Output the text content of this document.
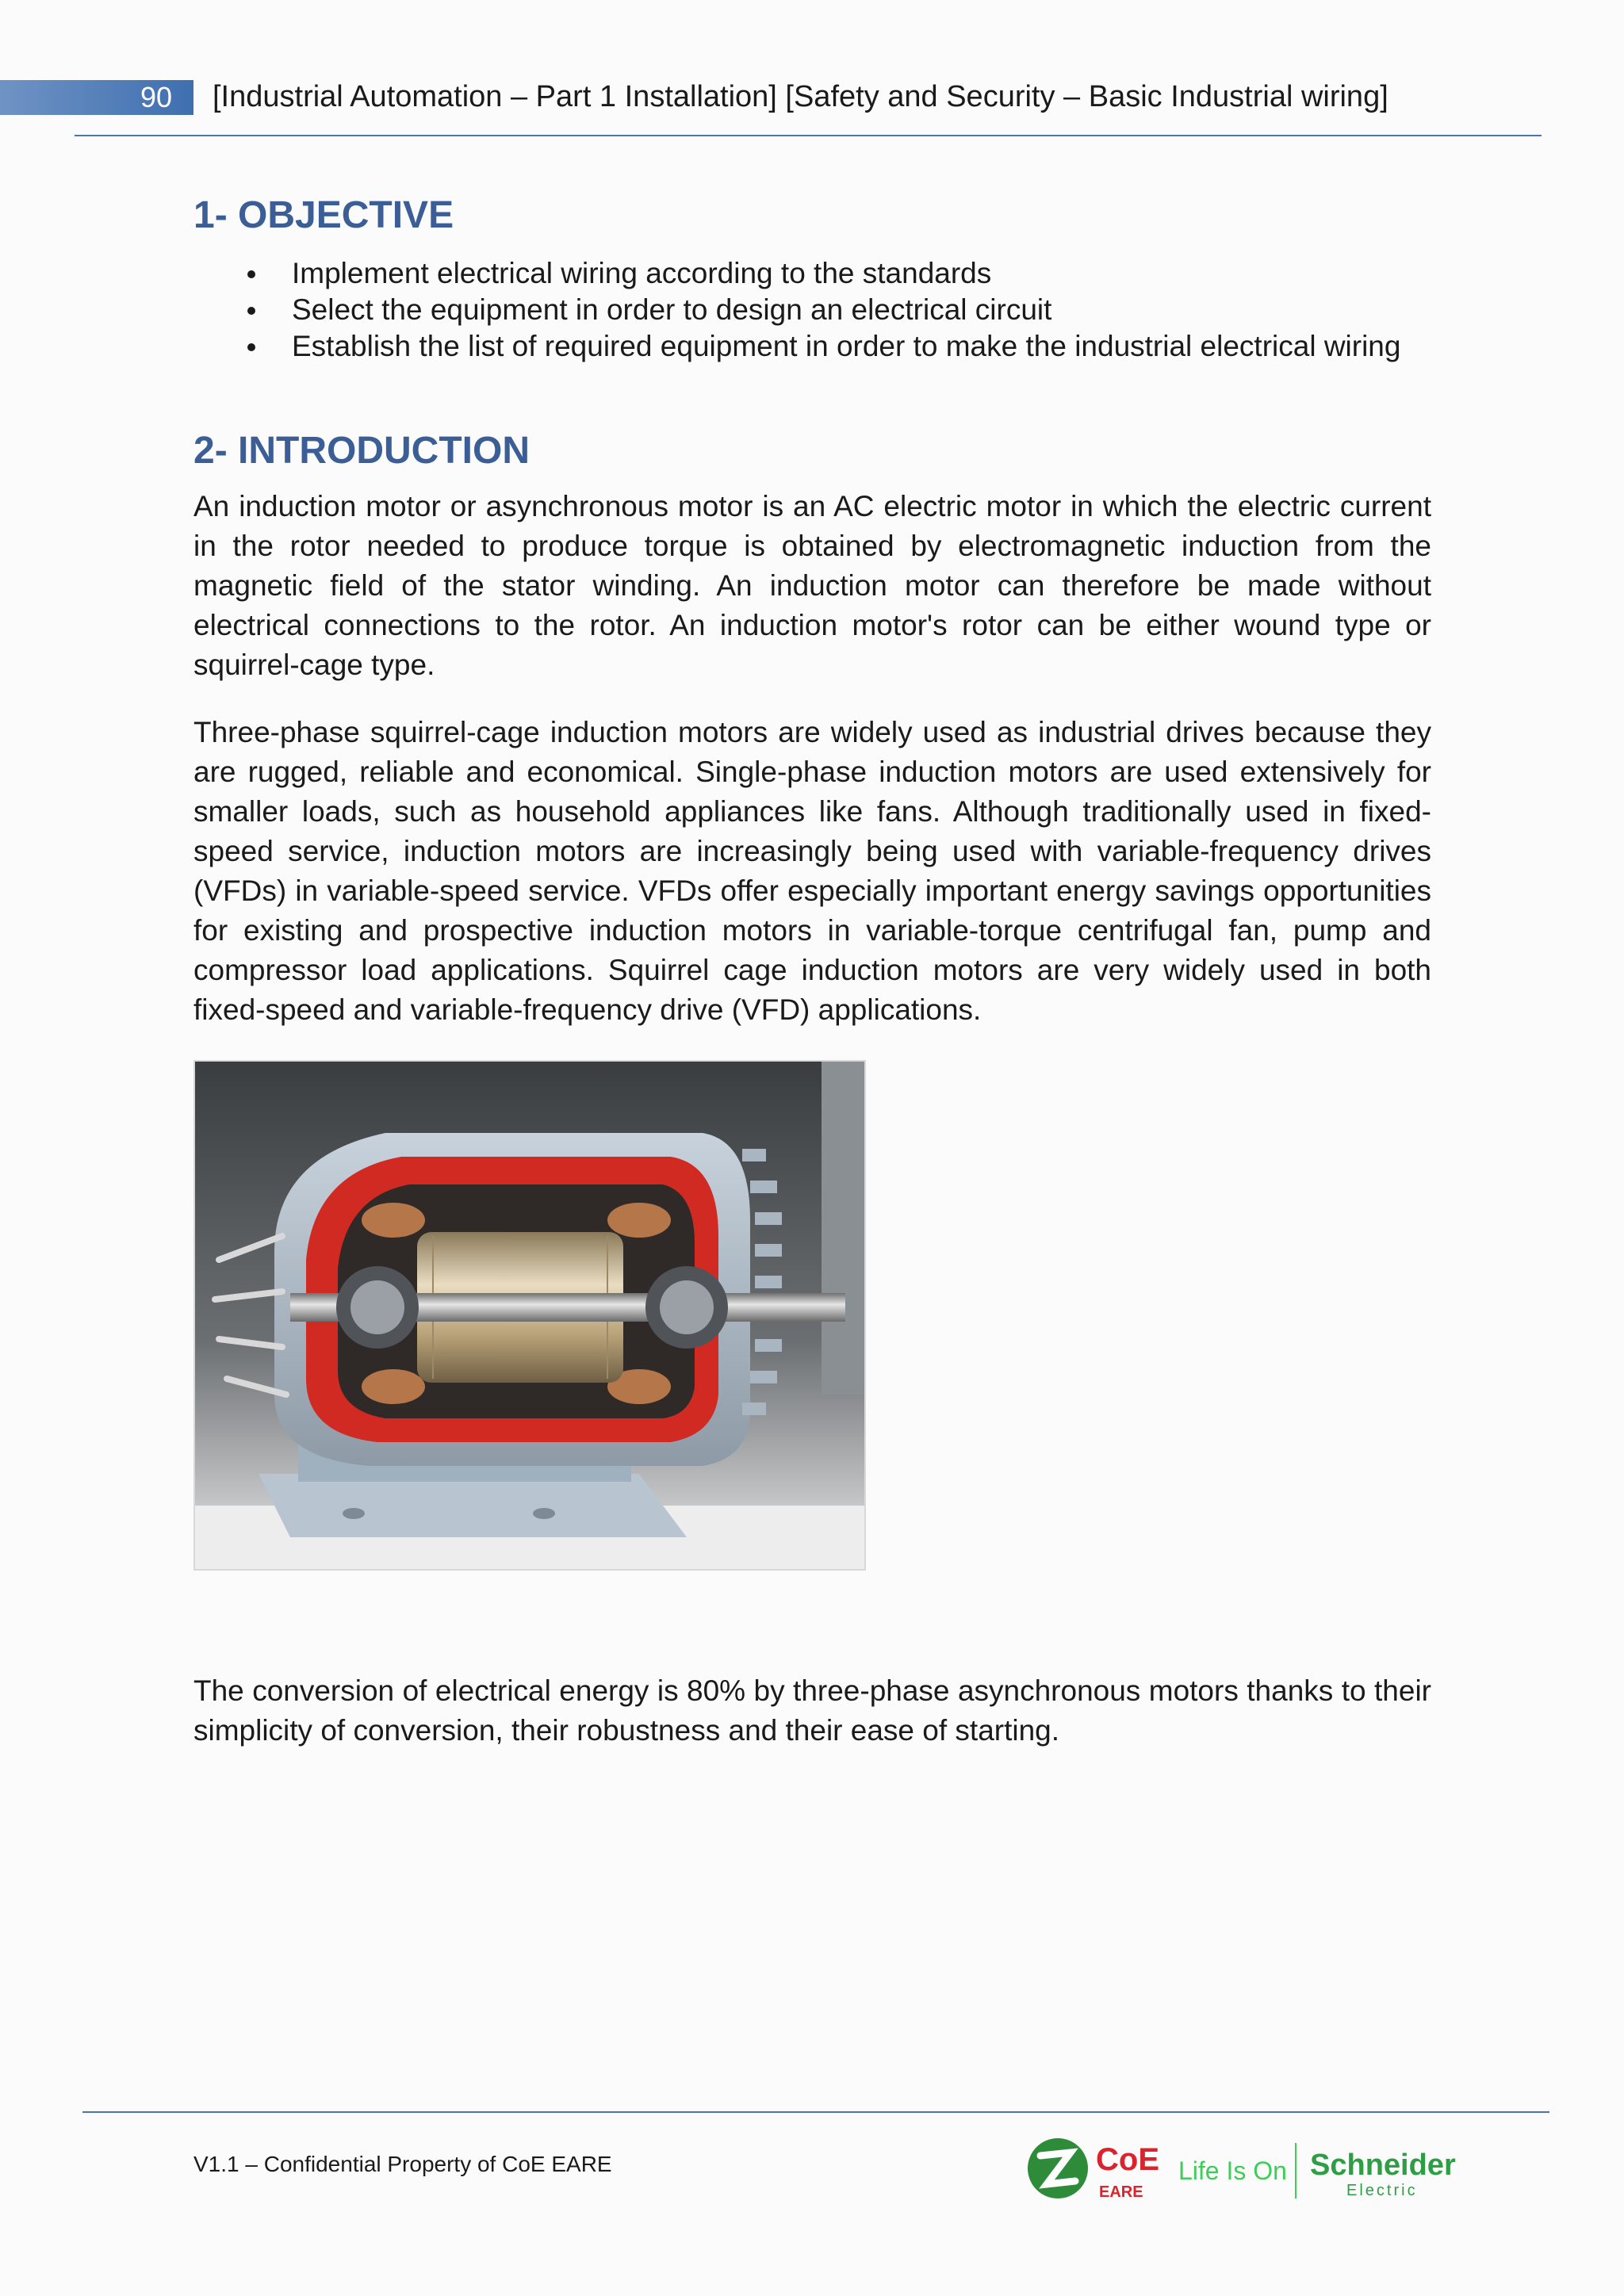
90	[Industrial Automation – Part 1 Installation] [Safety and Security – Basic Industrial wiring]
1- OBJECTIVE
Implement electrical wiring according to the standards
Select the equipment in order to design an electrical circuit
Establish the list of required equipment in order to make the industrial electrical wiring
2- INTRODUCTION

An induction motor or asynchronous motor is an AC electric motor in which the electric current in the rotor needed to produce torque is obtained by electromagnetic induction from the magnetic field of the stator winding. An induction motor can therefore be made without electrical connections to the rotor. An induction motor's rotor can be either wound type or squirrel-cage type.

Three-phase squirrel-cage induction motors are widely used as industrial drives because they are rugged, reliable and economical. Single-phase induction motors are used extensively for smaller loads, such as household appliances like fans. Although traditionally used in fixed-speed service, induction motors are increasingly being used with variable-frequency drives (VFDs) in variable-speed service. VFDs offer especially important energy savings opportunities for existing and prospective induction motors in variable-torque centrifugal fan, pump and compressor load applications. Squirrel cage induction motors are very widely used in both fixed-speed and variable-frequency drive (VFD) applications.

The conversion of electrical energy is 80% by three-phase asynchronous motors thanks to their simplicity of conversion, their robustness and their ease of starting.

V1.1 – Confidential Property of CoE EARE	CoE
EARE
Life Is On Schneider
Electric
